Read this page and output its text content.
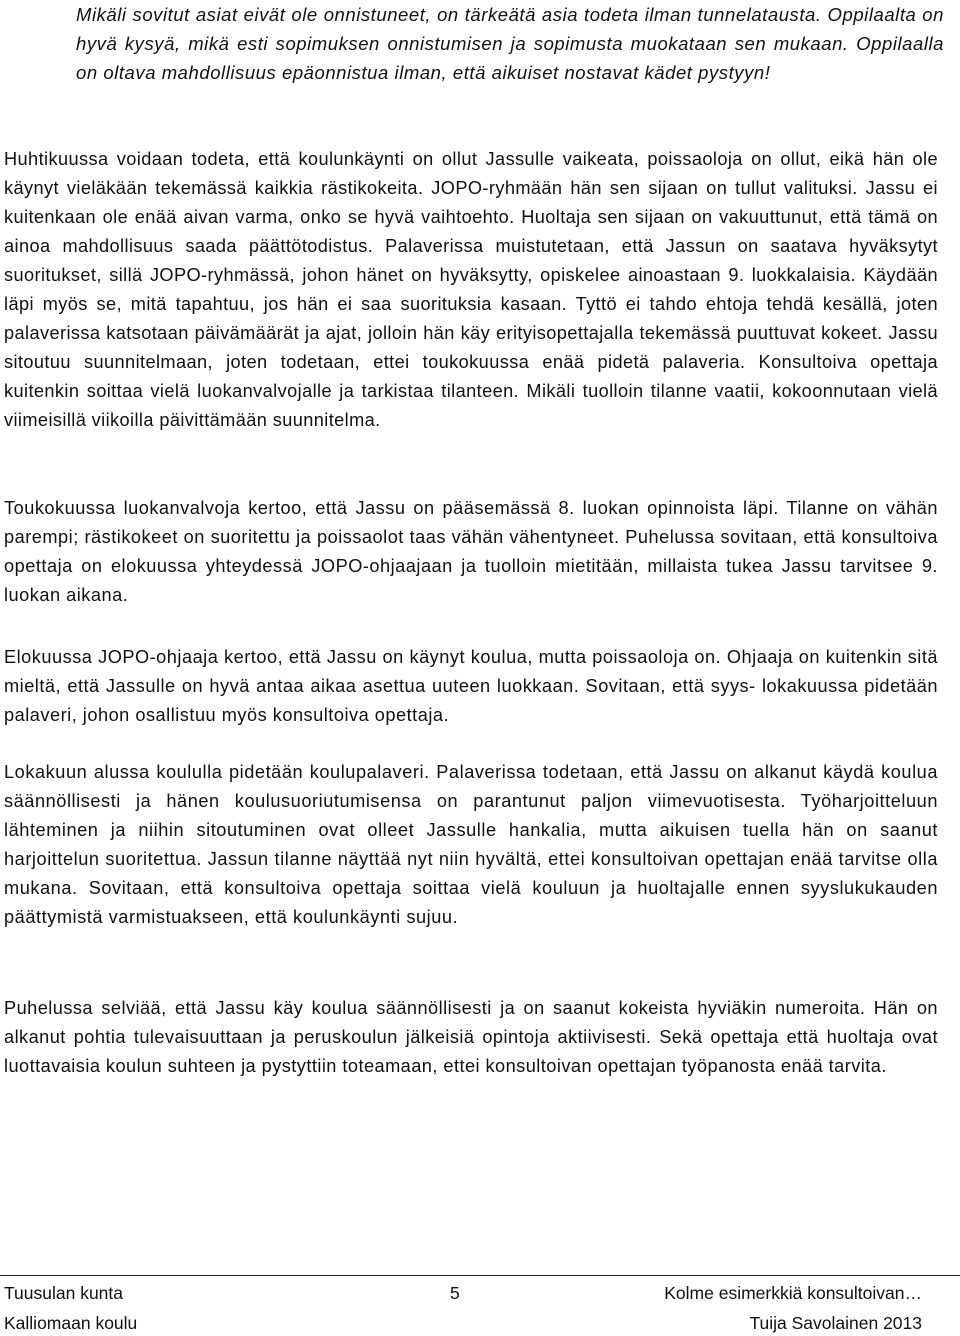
Mikäli sovitut asiat eivät ole onnistuneet, on tärkeätä asia todeta ilman tunnelatausta. Oppilaalta on hyvä kysyä, mikä esti sopimuksen onnistumisen ja sopimusta muokataan sen mukaan. Oppilaalla on oltava mahdollisuus epäonnistua ilman, että aikuiset nostavat kädet pystyyn!

Huhtikuussa voidaan todeta, että koulunkäynti on ollut Jassulle vaikeata, poissaoloja on ollut, eikä hän ole käynyt vieläkään tekemässä kaikkia rästikokeita. JOPO-ryhmään hän sen sijaan on tullut valituksi. Jassu ei kuitenkaan ole enää aivan varma, onko se hyvä vaihtoehto. Huoltaja sen sijaan on vakuuttunut, että tämä on ainoa mahdollisuus saada päättötodistus. Palaverissa muistutetaan, että Jassun on saatava hyväksytyt suoritukset, sillä JOPO-ryhmässä, johon hänet on hyväksytty, opiskelee ainoastaan 9. luokkalaisia. Käydään läpi myös se, mitä tapahtuu, jos hän ei saa suorituksia kasaan. Tyttö ei tahdo ehtoja tehdä kesällä, joten palaverissa katsotaan päivämäärät ja ajat, jolloin hän käy erityisopettajalla tekemässä puuttuvat kokeet. Jassu sitoutuu suunnitelmaan, joten todetaan, ettei toukokuussa enää pidetä palaveria. Konsultoiva opettaja kuitenkin soittaa vielä luokanvalvojalle ja tarkistaa tilanteen. Mikäli tuolloin tilanne vaatii, kokoonnutaan vielä viimeisillä viikoilla päivittämään suunnitelma.

Toukokuussa luokanvalvoja kertoo, että Jassu on pääsemässä 8. luokan opinnoista läpi. Tilanne on vähän parempi; rästikokeet on suoritettu ja poissaolot taas vähän vähentyneet. Puhelussa sovitaan, että konsultoiva opettaja on elokuussa yhteydessä JOPO-ohjaajaan ja tuolloin mietitään, millaista tukea Jassu tarvitsee 9. luokan aikana.

Elokuussa JOPO-ohjaaja kertoo, että Jassu on käynyt koulua, mutta poissaoloja on. Ohjaaja on kuitenkin sitä mieltä, että Jassulle on hyvä antaa aikaa asettua uuteen luokkaan. Sovitaan, että syys- lokakuussa pidetään palaveri, johon osallistuu myös konsultoiva opettaja.

Lokakuun alussa koululla pidetään koulupalaveri. Palaverissa todetaan, että Jassu on alkanut käydä koulua säännöllisesti ja hänen koulusuoriutumisensa on parantunut paljon viimevuotisesta. Työharjoitteluun lähteminen ja niihin sitoutuminen ovat olleet Jassulle hankalia, mutta aikuisen tuella hän on saanut harjoittelun suoritettua. Jassun tilanne näyttää nyt niin hyvältä, ettei konsultoivan opettajan enää tarvitse olla mukana. Sovitaan, että konsultoiva opettaja soittaa vielä kouluun ja huoltajalle ennen syyslukukauden päättymistä varmistuakseen, että koulunkäynti sujuu.

Puhelussa selviää, että Jassu käy koulua säännöllisesti ja on saanut kokeista hyviäkin numeroita. Hän on alkanut pohtia tulevaisuuttaan ja peruskoulun jälkeisiä opintoja aktiivisesti. Sekä opettaja että huoltaja ovat luottavaisia koulun suhteen ja pystyttiin toteamaan, ettei konsultoivan opettajan työpanosta enää tarvita.

Tuusulan kunta	5	Kolme esimerkkiä konsultoivan…

Kalliomaan koulu	Tuija Savolainen 2013
